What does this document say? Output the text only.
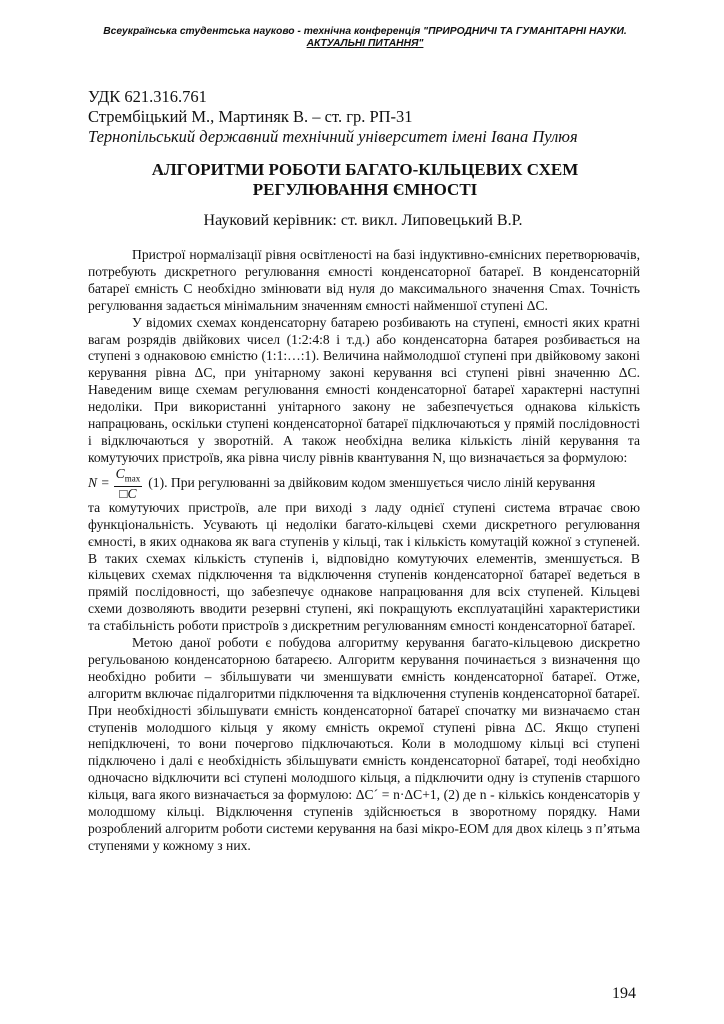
Всеукраїнська студентська науково - технічна конференція "ПРИРОДНИЧІ ТА ГУМАНІТАРНІ НАУКИ.
АКТУАЛЬНІ ПИТАННЯ"
УДК 621.316.761
Стрембіцький М., Мартиняк В. – ст. гр. РП-31
Тернопільський державний технічний університет імені Івана Пулюя
АЛГОРИТМИ РОБОТИ БАГАТО-КІЛЬЦЕВИХ СХЕМ
РЕГУЛЮВАННЯ ЄМНОСТІ
Науковий керівник: ст. викл. Липовецький В.Р.

Пристрої нормалізації рівня освітленості на базі індуктивно-ємнісних перетворювачів, потребують дискретного регулювання ємності конденсаторної батареї. В конденсаторній батареї ємність С необхідно змінювати від нуля до максимального значення Cmax. Точність регулювання задається мінімальним значенням ємності найменшої ступені ΔС.

У відомих схемах конденсаторну батарею розбивають на ступені, ємності яких кратні вагам розрядів двійкових чисел (1:2:4:8 і т.д.) або конденсаторна батарея розбивається на ступені з однаковою ємністю (1:1:…:1). Величина наймолодшої ступені при двійковому законі керування рівна ΔС, при унітарному законі керування всі ступені рівні значенню ΔС. Наведеним вище схемам регулювання ємності конденсаторної батареї характерні наступні недоліки. При використанні унітарного закону не забезпечується однакова кількість напрацювань, оскільки ступені конденсаторної батареї підключаються у прямій послідовності і відключаються у зворотній. А також необхідна велика кількість ліній керування та комутуючих пристроїв, яка рівна числу рівнів квантування N, що визначається за формулою:

N
= $\frac{C_{max}}{□C} (1)$. При регулюванні за двійковим кодом зменшується число ліній керування

та комутуючих пристроїв, але при виході з ладу однієї ступені система втрачає свою функціональність. Усувають ці недоліки багато-кільцеві схеми дискретного регулювання ємності, в яких однакова як вага ступенів у кільці, так і кількість комутацій кожної з ступеней. В таких схемах кількість ступенів і, відповідно комутуючих елементів, зменшується. В кільцевих схемах підключення та відключення ступенів конденсаторної батареї ведеться в прямій послідовності, що забезпечує однакове напрацювання для всіх ступеней. Кільцеві схеми дозволяють вводити резервні ступені, які покращують експлуатаційні характеристики та стабільність роботи пристроїв з дискретним регулюванням ємності конденсаторної батареї.

Метою даної роботи є побудова алгоритму керування багато-кільцевою дискретно регульованою конденсаторною батареєю. Алгоритм керування починається з визначення що необхідно робити – збільшувати чи зменшувати ємність конденсаторної батареї. Отже, алгоритм включає підалгоритми підключення та відключення ступенів конденсаторної батареї. При необхідності збільшувати ємність конденсаторної батареї спочатку ми визначаємо стан ступенів молодшого кільця у якому ємність окремої ступені рівна ΔС. Якщо ступені непідключені, то вони почергово підключаються. Коли в молодшому кільці всі ступені підключено і далі є необхідність збільшувати ємність конденсаторної батареї, тоді необхідно одночасно відключити всі ступені молодшого кільця, а підключити одну із ступенів старшого кільця, вага якого визначається за формулою: ΔС´ = n·ΔС+1, (2) де n - кількісь конденсаторів у молодшому кільці. Відключення ступенів здійснюється в зворотному порядку. Нами розроблений алгоритм роботи системи керування на базі мікро-ЕОМ для двох кілець з п’ятьма ступенями у кожному з них.

194
